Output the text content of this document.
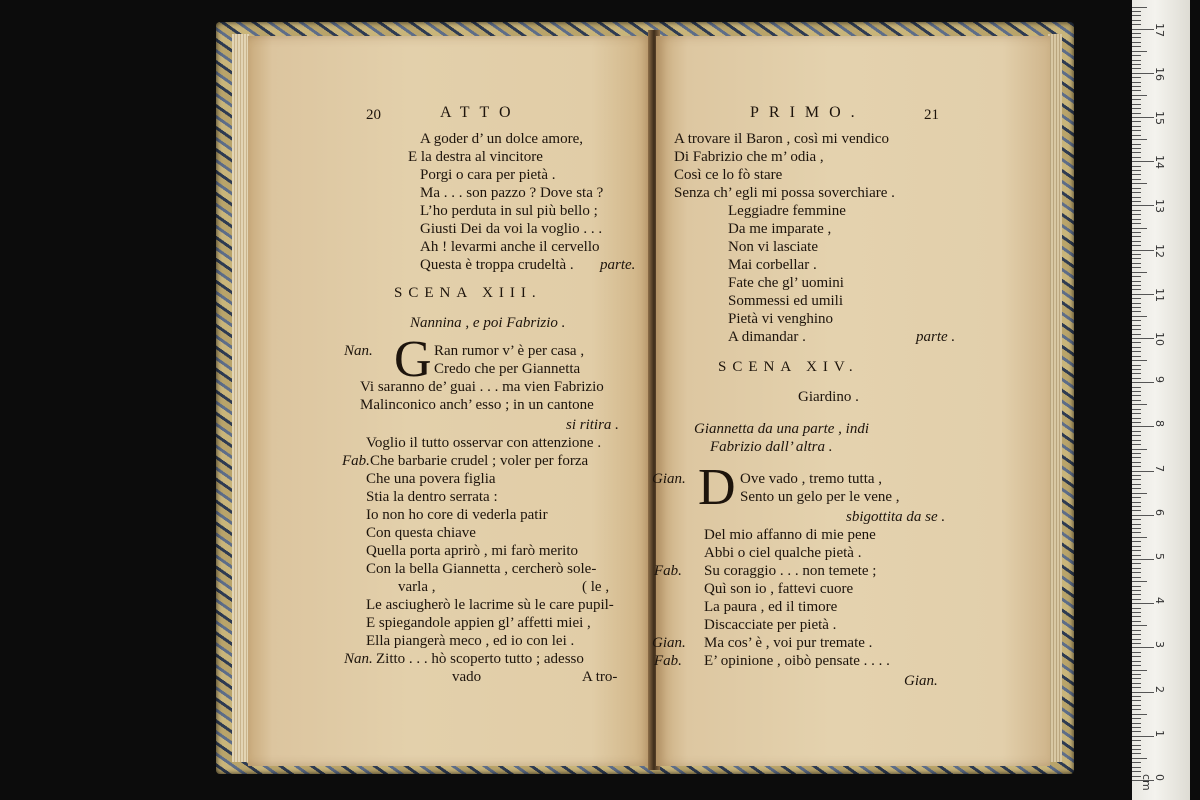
20	ATTO
A goder d’ un dolce amore,
E la destra al vincitore
Porgi o cara per pietà .
Ma . . . son pazzo ? Dove sta ?
L’ho perduta in sul più bello ;
Giusti Dei da voi la voglio . . .
Ah ! levarmi anche il cervello
Questa è troppa crudeltà . parte.
SCENA XIII.
Nannina , e poi Fabrizio .
Nan. G Ran rumor v’ è per casa ,
Credo che per Giannetta
Vi saranno de’ guai . . . ma vien Fabrizio
Malinconico anch’ esso ; in un cantone
si ritira .
Voglio il tutto osservar con attenzione .
Fab. Che barbarie crudel ; voler per forza
Che una povera figlia
Stia la dentro serrata :
Io non ho core di vederla patir
Con questa chiave
Quella porta aprirò , mi farò merito
Con la bella Giannetta , cercherò sole-
varla ,	( le ,
Le asciugherò le lacrime sù le care pupil-
E spiegandole appien gl’ affetti miei ,
Ella piangerà meco , ed io con lei .
Nan. Zitto . . . hò scoperto tutto ; adesso
vado	A tro-
PRIMO.	21
A trovare il Baron , così mi vendico
Di Fabrizio che m’ odia ,
Così ce lo fò stare
Senza ch’ egli mi possa soverchiare .
Leggiadre femmine
Da me imparate ,
Non vi lasciate
Mai corbellar .
Fate che gl’ uomini
Sommessi ed umili
Pietà vi venghino
A dimandar .	parte .
SCENA XIV.
Giardino .
Giannetta da una parte , indi
Fabrizio dall’ altra .
Gian. D Ove vado , tremo tutta ,
Sento un gelo per le vene ,
sbigottita da se .
Del mio affanno di mie pene
Abbi o ciel qualche pietà .
Fab. Su coraggio . . . non temete ;
Quì son io , fattevi cuore
La paura , ed il timore
Discacciate per pietà .
Gian. Ma cos’ è , voi pur tremate .
Fab. E’ opinione , oibò pensate . . . .
Gian.
0 cm
1
2
3
4
5
6
7
8
9
10
11
12
13
14
15
16
17
